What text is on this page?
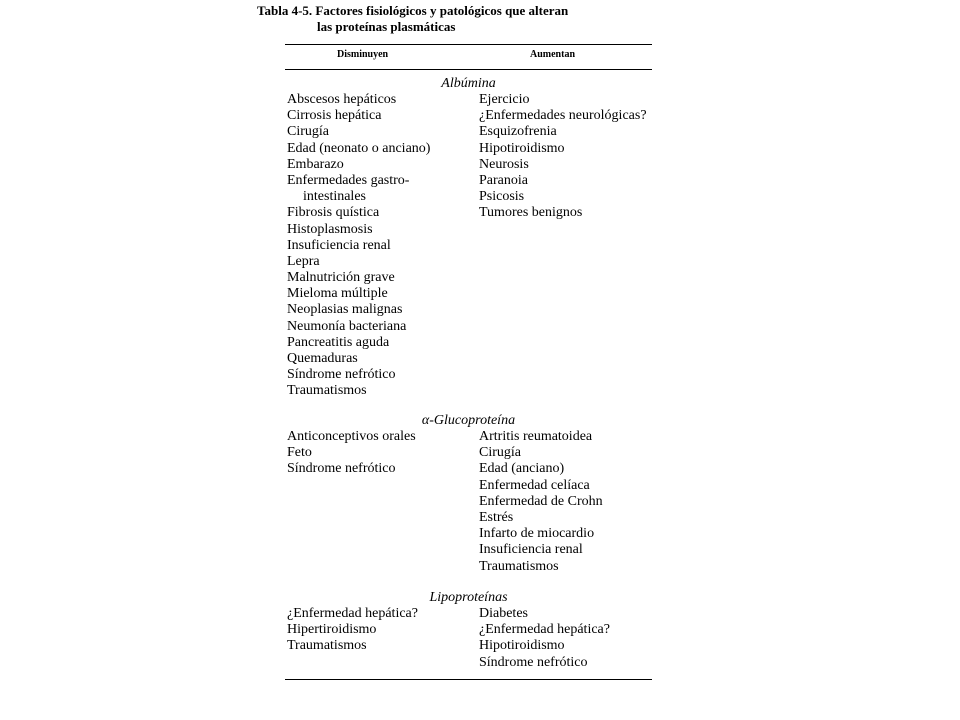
Tabla 4-5. Factores fisiológicos y patológicos que alteran
las proteínas plasmáticas
Disminuyen	Aumentan
Albúmina
Abscesos hepáticos
Cirrosis hepática
Cirugía
Edad (neonato o anciano)
Embarazo
Enfermedades gastro-
intestinales
Fibrosis quística
Histoplasmosis
Insuficiencia renal
Lepra
Malnutrición grave
Mieloma múltiple
Neoplasias malignas
Neumonía bacteriana
Pancreatitis aguda
Quemaduras
Síndrome nefrótico
Traumatismos
Ejercicio
¿Enfermedades neurológicas?
Esquizofrenia
Hipotiroidismo
Neurosis
Paranoia
Psicosis
Tumores benignos
α-Glucoproteína
Anticonceptivos orales
Feto
Síndrome nefrótico
Artritis reumatoidea
Cirugía
Edad (anciano)
Enfermedad celíaca
Enfermedad de Crohn
Estrés
Infarto de miocardio
Insuficiencia renal
Traumatismos
Lipoproteínas
¿Enfermedad hepática?
Hipertiroidismo
Traumatismos
Diabetes
¿Enfermedad hepática?
Hipotiroidismo
Síndrome nefrótico
